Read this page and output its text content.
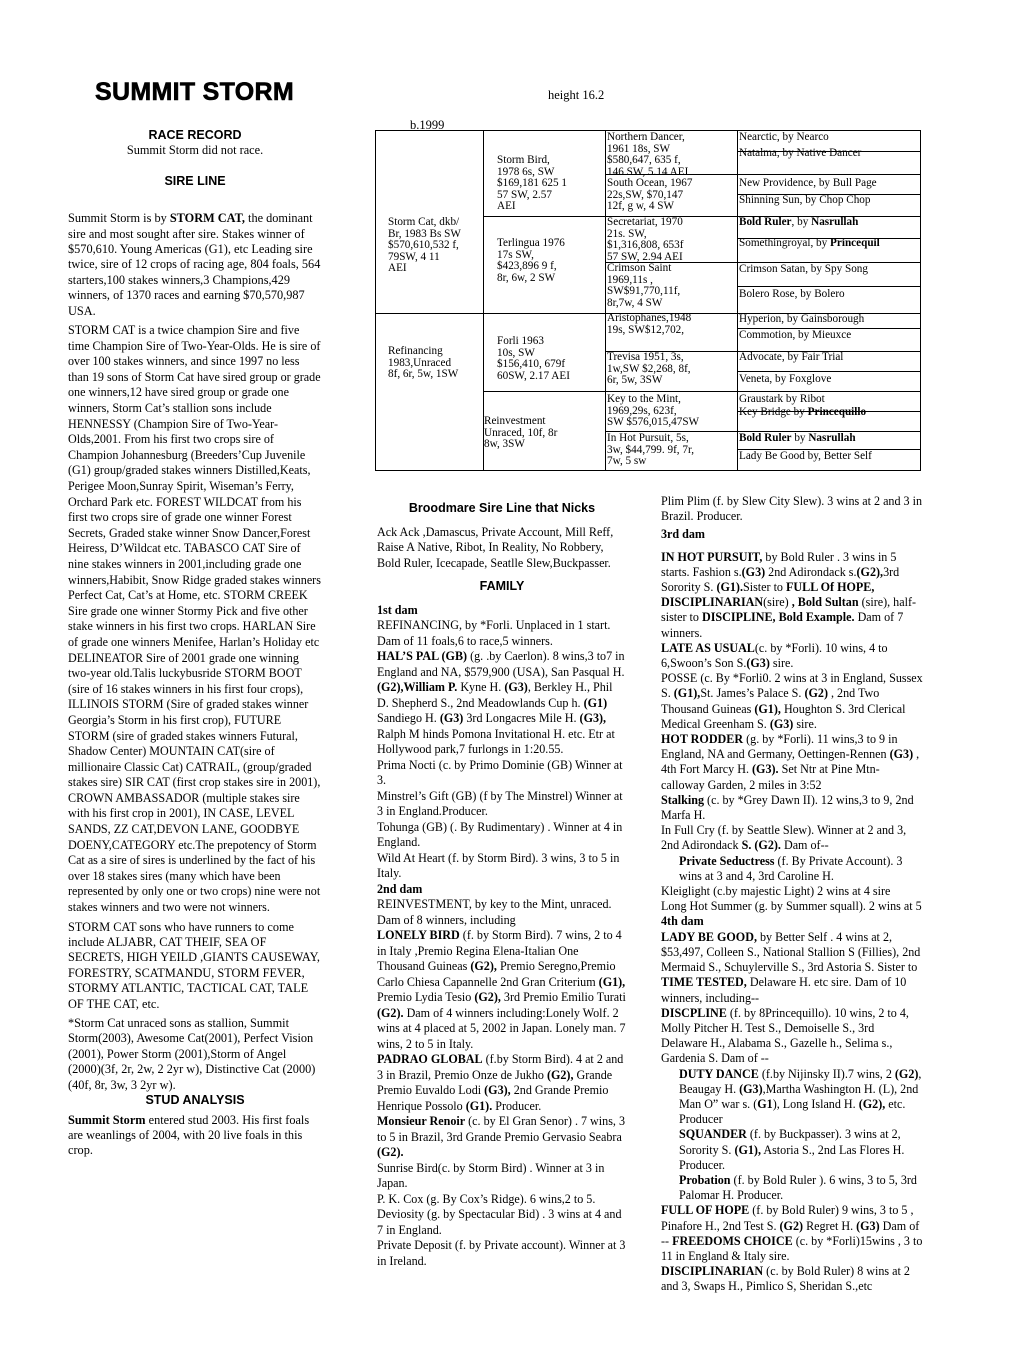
SUMMIT STORM	height 16.2
RACE RECORD
Summit Storm did not race.
SIRE LINE

Summit Storm is by STORM CAT, the dominant sire and most sought after sire. Stakes winner of $570,610. Young Americas (G1), etc Leading sire twice, sire of 12 crops of racing age, 804 foals, 564 starters,100 stakes winners,3 Champions,429 winners, of 1370 races and earning $70,570,987 USA.

STORM CAT is a twice champion Sire and five time Champion Sire of Two-Year-Olds. He is sire of over 100 stakes winners, and since 1997 no less than 19 sons of Storm Cat have sired group or grade one winners,12 have sired group or grade one winners, Storm Cat’s stallion sons include HENNESSY (Champion Sire of Two-Year-Olds,2001. From his first two crops sire of Champion Johannesburg (Breeders’Cup Juvenile (G1) group/graded stakes winners Distilled,Keats, Perigee Moon,Sunray Spirit, Wiseman’s Ferry, Orchard Park etc. FOREST WILDCAT from his first two crops sire of grade one winner Forest Secrets, Graded stake winner Snow Dancer,Forest Heiress, D’Wildcat etc. TABASCO CAT Sire of nine stakes winners in 2001,including grade one winners,Habibit, Snow Ridge graded stakes winners Perfect Cat, Cat’s at Home, etc. STORM CREEK Sire grade one winner Stormy Pick and five other stake winners in his first two crops. HARLAN Sire of grade one winners Menifee, Harlan’s Holiday etc DELINEATOR Sire of 2001 grade one winning two-year old.Talis luckybusride STORM BOOT (sire of 16 stakes winners in his first four crops), ILLINOIS STORM (Sire of graded stakes winner Georgia’s Storm in his first crop), FUTURE STORM (sire of graded stakes winners Futural, Shadow Center) MOUNTAIN CAT(sire of millionaire Classic Cat) CATRAIL, (group/graded stakes sire) SIR CAT (first crop stakes sire in 2001), CROWN AMBASSADOR (multiple stakes sire with his first crop in 2001), IN CASE, LEVEL SANDS, ZZ CAT,DEVON LANE, GOODBYE DOENY,CATEGORY etc.The prepotency of Storm Cat as a sire of sires is underlined by the fact of his over 18 stakes sires (many which have been represented by only one or two crops) nine were not stakes winners and two were not winners.

STORM CAT sons who have runners to come include ALJABR, CAT THEIF, SEA OF SECRETS, HIGH YEILD ,GIANTS CAUSEWAY, FORESTRY, SCATMANDU, STORM FEVER, STORMY ATLANTIC, TACTICAL CAT, TALE OF THE CAT, etc.

*Storm Cat unraced sons as stallion, Summit Storm(2003), Awesome Cat(2001), Perfect Vision (2001), Power Storm (2001),Storm of Angel (2000)(3f, 2r, 2w, 2 2yr w), Distinctive Cat (2000)(40f, 8r, 3w, 3 2yr w).

STUD ANALYSIS

Summit Storm entered stud 2003. His first foals are weanlings of 2004, with 20 live foals in this crop.

b.1999
Storm Cat, dkb/
Br, 1983 Bs SW
$570,610,532 f,
79SW, 4 11
AEI
Refinancing
1983,Unraced
8f, 6r, 5w, 1SW
Storm Bird,
1978 6s, SW
$169,181 625 1
57 SW, 2.57
AEI
Terlingua 1976
17s SW,
$423,896 9 f,
8r, 6w, 2 SW
Forli 1963
10s, SW
$156,410, 679f
60SW, 2.17 AEI
Reinvestment
Unraced, 10f, 8r
8w, 3SW
Northern Dancer,
1961 18s, SW
$580,647, 635 f,
146 SW, 5.14 AEI
South Ocean, 1967
22s,SW, $70,147
12f, g w, 4 SW
Secretariat, 1970
21s. SW,
$1,316,808, 653f
57 SW, 2.94 AEI
Crimson Saint
1969,11s ,
SW$91,770,11f,
8r,7w, 4 SW
Aristophanes,1948
19s, SW$12,702,
Trevisa 1951, 3s,
1w,SW $2,268, 8f,
6r, 5w, 3SW
Key to the Mint,
1969,29s, 623f,
SW $576,015,47SW
In Hot Pursuit, 5s,
3w, $44,799. 9f, 7r,
7w, 5 sw
Nearctic, by Nearco
Natalma, by Native Dancer
New Providence, by Bull Page
Shinning Sun, by Chop Chop
Bold Ruler, by Nasrullah
Somethingroyal, by Princequil
Crimson Satan, by Spy Song
Bolero Rose, by Bolero
Hyperion, by Gainsborough
Commotion, by Mieuxce
Advocate, by Fair Trial
Veneta, by Foxglove
Graustark by Ribot
Key Bridge by Princequillo
Bold Ruler by Nasrullah
Lady Be Good by, Better Self
Broodmare Sire Line that Nicks

Ack Ack ,Damascus, Private Account, Mill Reff, Raise A Native, Ribot, In Reality, No Robbery, Bold Ruler, Icecapade, Seatlle Slew,Buckpasser.

FAMILY

1st dam

REFINANCING, by *Forli. Unplaced in 1 start. Dam of 11 foals,6 to race,5 winners.

HAL’S PAL (GB) (g. .by Caerlon). 8 wins,3 to7 in England and NA, $579,900 (USA), San Pasqual H. (G2),William P. Kyne H. (G3), Berkley H., Phil D. Shepherd S., 2nd Meadowlands Cup h. (G1) Sandiego H. (G3) 3rd Longacres Mile H. (G3), Ralph M hinds Pomona Invitational H. etc. Etr at Hollywood park,7 furlongs in 1:20.55.

Prima Nocti (c. by Primo Dominie (GB) Winner at 3.

Minstrel’s Gift (GB) (f by The Minstrel) Winner at 3 in England.Producer.

Tohunga (GB) (. By Rudimentary) . Winner at 4 in England.

Wild At Heart (f. by Storm Bird). 3 wins, 3 to 5 in Italy.

2nd dam

REINVESTMENT, by key to the Mint, unraced. Dam of 8 winners, including

LONELY BIRD (f. by Storm Bird). 7 wins, 2 to 4 in Italy ,Premio Regina Elena-Italian One Thousand Guineas (G2), Premio Seregno,Premio Carlo Chiesa Capannelle 2nd Gran Criterium (G1), Premio Lydia Tesio (G2), 3rd Premio Emilio Turati (G2). Dam of 4 winners including:Lonely Wolf. 2 wins at 4 placed at 5, 2002 in Japan. Lonely man. 7 wins, 2 to 5 in Italy.

PADRAO GLOBAL (f.by Storm Bird). 4 at 2 and 3 in Brazil, Premio Onze de Jukho (G2), Grande Premio Euvaldo Lodi (G3), 2nd Grande Premio Henrique Possolo (G1). Producer.

Monsieur Renoir (c. by El Gran Senor) . 7 wins, 3 to 5 in Brazil, 3rd Grande Premio Gervasio Seabra (G2).

Sunrise Bird(c. by Storm Bird) . Winner at 3 in Japan.

P. K. Cox (g. By Cox’s Ridge). 6 wins,2 to 5.

Deviosity (g. by Spectacular Bid) . 3 wins at 4 and 7 in England.

Private Deposit (f. by Private account). Winner at 3 in Ireland.

Plim Plim (f. by Slew City Slew). 3 wins at 2 and 3 in Brazil. Producer.

3rd dam

IN HOT PURSUIT, by Bold Ruler . 3 wins in 5 starts. Fashion s.(G3) 2nd Adirondack s.(G2),3rd Sorority S. (G1).Sister to FULL Of HOPE, DISCIPLINARIAN(sire) , Bold Sultan (sire), half-sister to DISCIPLINE, Bold Example. Dam of 7 winners.

LATE AS USUAL(c. by *Forli). 10 wins, 4 to 6,Swoon’s Son S.(G3) sire.

POSSE (c. By *Forli0. 2 wins at 3 in England, Sussex S. (G1),St. James’s Palace S. (G2) , 2nd Two Thousand Guineas (G1), Houghton S. 3rd Clerical Medical Greenham S. (G3) sire.

HOT RODDER (g. by *Forli). 11 wins,3 to 9 in England, NA and Germany, Oettingen-Rennen (G3) , 4th Fort Marcy H. (G3). Set Ntr at Pine Mtn-calloway Garden, 2 miles in 3:52

Stalking (c. by *Grey Dawn II). 12 wins,3 to 9, 2nd Marfa H.

In Full Cry (f. by Seattle Slew). Winner at 2 and 3, 2nd Adirondack S. (G2). Dam of--

Private Seductress (f. By Private Account). 3 wins at 3 and 4, 3rd Caroline H.

Kleiglight (c.by majestic Light) 2 wins at 4 sire

Long Hot Summer (g. by Summer squall). 2 wins at 5

4th dam

LADY BE GOOD, by Better Self . 4 wins at 2, $53,497, Colleen S., National Stallion S (Fillies), 2nd Mermaid S., Schuylerville S., 3rd Astoria S. Sister to TIME TESTED, Delaware H. etc sire. Dam of 10 winners, including--

DISCPLINE (f. by 8Princequillo). 10 wins, 2 to 4, Molly Pitcher H. Test S., Demoiselle S., 3rd Delaware H., Alabama S., Gazelle h., Selima s., Gardenia S. Dam of --

DUTY DANCE (f.by Nijinsky II).7 wins, 2 (G2), Beaugay H. (G3),Martha Washington H. (L), 2nd Man O” war s. (G1), Long Island H. (G2), etc. Producer

SQUANDER (f. by Buckpasser). 3 wins at 2, Sorority S. (G1), Astoria S., 2nd Las Flores H. Producer.

Probation (f. by Bold Ruler ). 6 wins, 3 to 5, 3rd Palomar H. Producer.

FULL OF HOPE (f. by Bold Ruler) 9 wins, 3 to 5 , Pinafore H., 2nd Test S. (G2) Regret H. (G3) Dam of -- FREEDOMS CHOICE (c. by *Forli)15wins , 3 to 11 in England & Italy sire.

DISCIPLINARIAN (c. by Bold Ruler) 8 wins at 2 and 3, Swaps H., Pimlico S, Sheridan S.,etc
